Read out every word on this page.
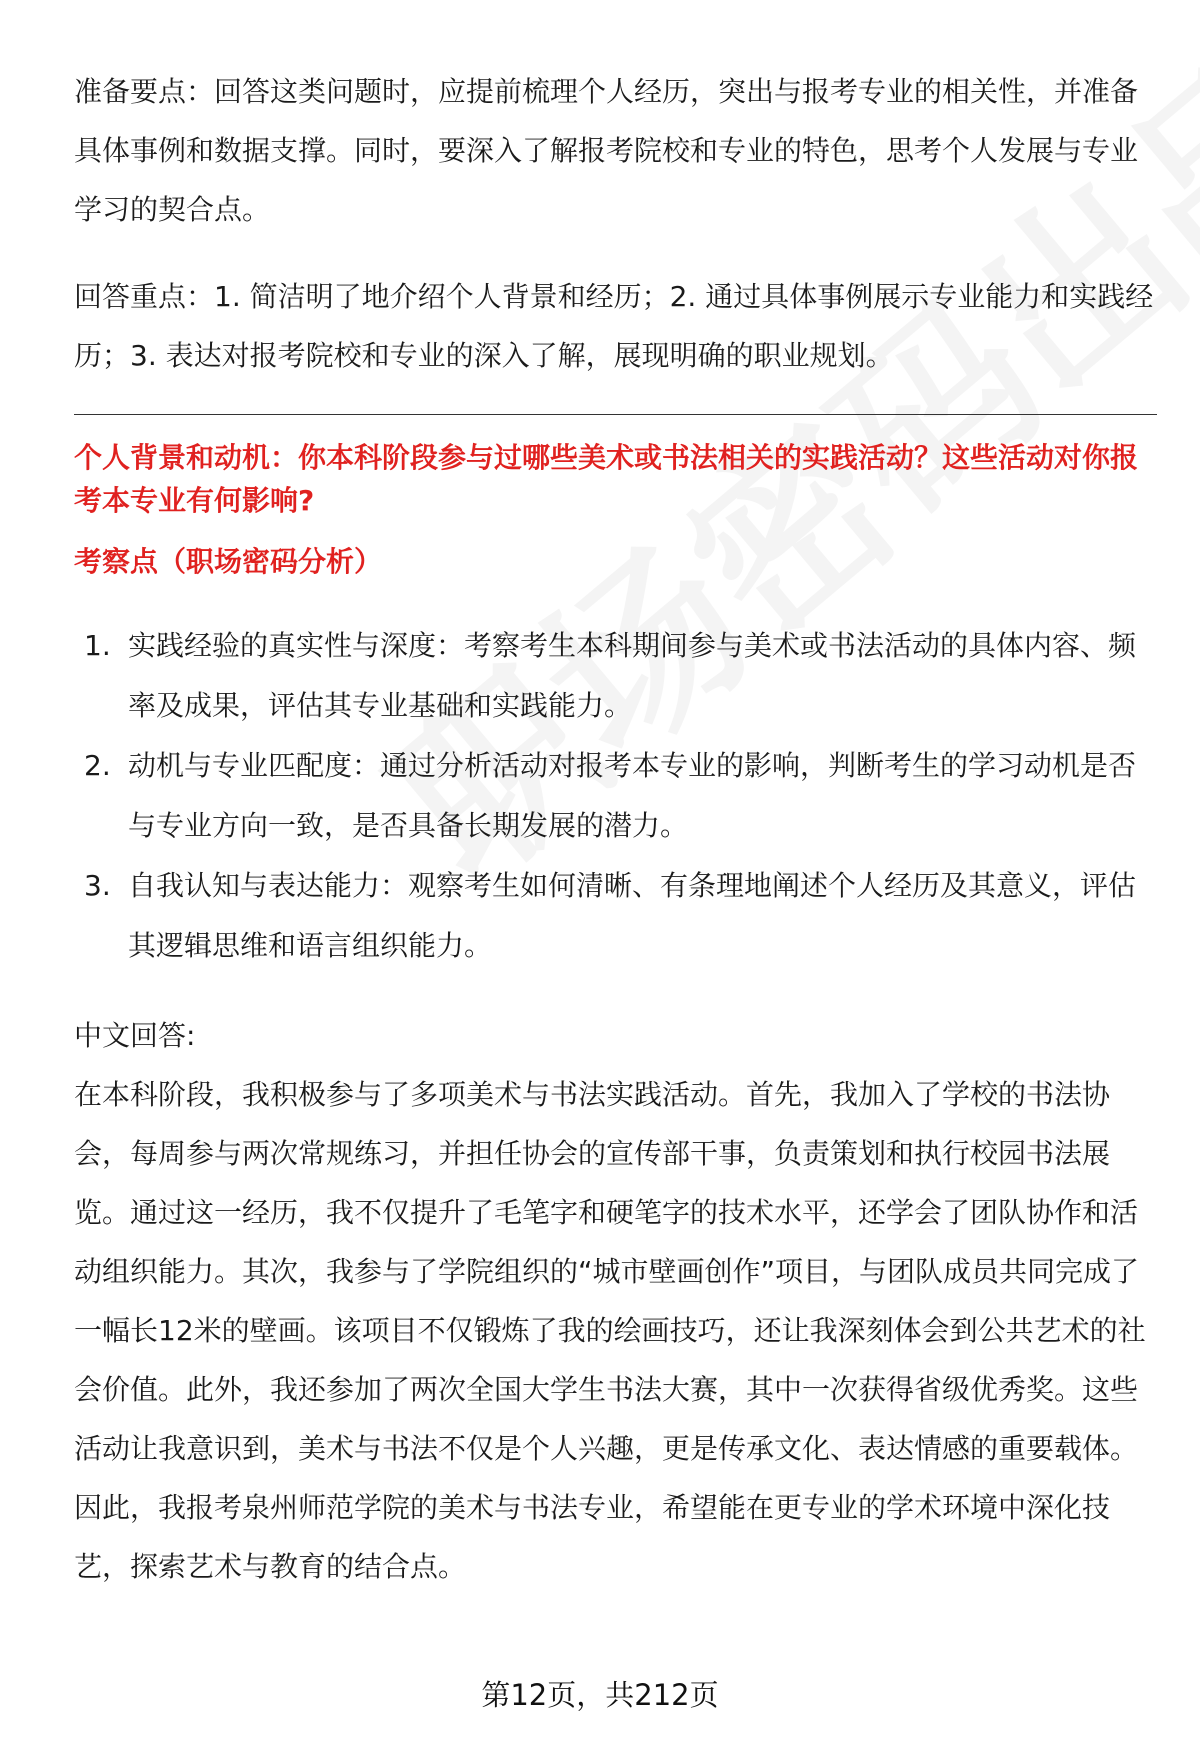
准备要点：回答这类问题时，应提前梳理个人经历，突出与报考专业的相关性，并准备具体事例和数据支撑。同时，要深入了解报考院校和专业的特色，思考个人发展与专业学习的契合点。

回答重点：1. 简洁明了地介绍个人背景和经历；2. 通过具体事例展示专业能力和实践经历；3. 表达对报考院校和专业的深入了解，展现明确的职业规划。

个人背景和动机：你本科阶段参与过哪些美术或书法相关的实践活动？这些活动对你报考本专业有何影响?

考察点（职场密码分析）

1. 实践经验的真实性与深度：考察考生本科期间参与美术或书法活动的具体内容、频率及成果，评估其专业基础和实践能力。
2. 动机与专业匹配度：通过分析活动对报考本专业的影响，判断考生的学习动机是否与专业方向一致，是否具备长期发展的潜力。
3. 自我认知与表达能力：观察考生如何清晰、有条理地阐述个人经历及其意义，评估其逻辑思维和语言组织能力。

中文回答:

在本科阶段，我积极参与了多项美术与书法实践活动。首先，我加入了学校的书法协会，每周参与两次常规练习，并担任协会的宣传部干事，负责策划和执行校园书法展览。通过这一经历，我不仅提升了毛笔字和硬笔字的技术水平，还学会了团队协作和活动组织能力。其次，我参与了学院组织的“城市壁画创作”项目，与团队成员共同完成了一幅长12米的壁画。该项目不仅锻炼了我的绘画技巧，还让我深刻体会到公共艺术的社会价值。此外，我还参加了两次全国大学生书法大赛，其中一次获得省级优秀奖。这些活动让我意识到，美术与书法不仅是个人兴趣，更是传承文化、表达情感的重要载体。因此，我报考泉州师范学院的美术与书法专业，希望能在更专业的学术环境中深化技艺，探索艺术与教育的结合点。

第12页，共212页
